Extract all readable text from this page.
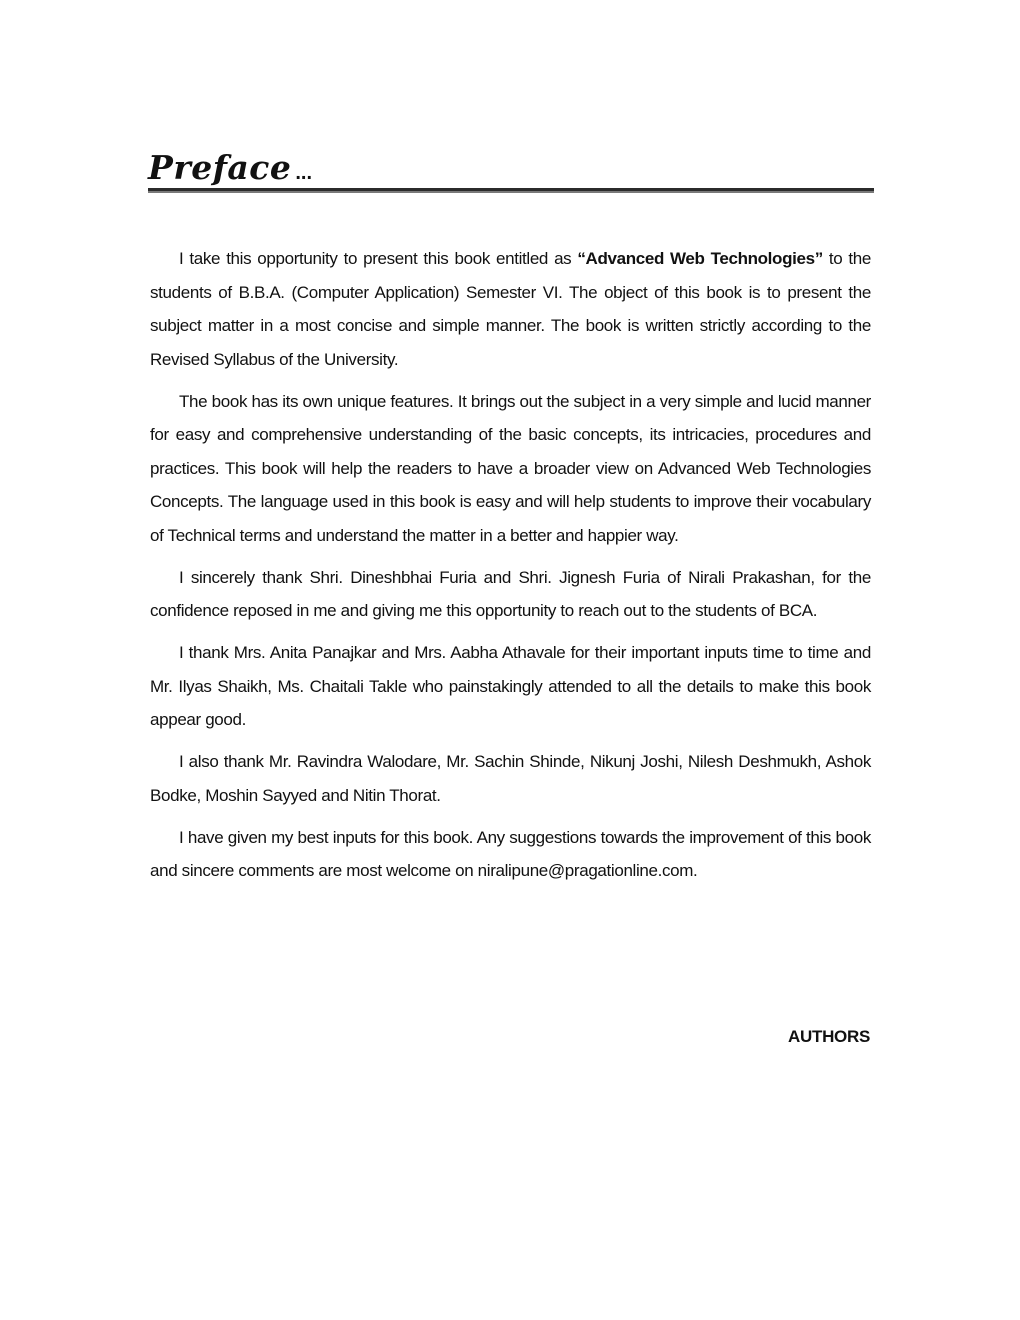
Preface ...

I take this opportunity to present this book entitled as “Advanced Web Technologies” to the students of B.B.A. (Computer Application) Semester VI. The object of this book is to present the subject matter in a most concise and simple manner. The book is written strictly according to the Revised Syllabus of the University.

The book has its own unique features. It brings out the subject in a very simple and lucid manner for easy and comprehensive understanding of the basic concepts, its intricacies, procedures and practices. This book will help the readers to have a broader view on Advanced Web Technologies Concepts. The language used in this book is easy and will help students to improve their vocabulary of Technical terms and understand the matter in a better and happier way.

I sincerely thank Shri. Dineshbhai Furia and Shri. Jignesh Furia of Nirali Prakashan, for the confidence reposed in me and giving me this opportunity to reach out to the students of BCA.

I thank Mrs. Anita Panajkar and Mrs. Aabha Athavale for their important inputs time to time and Mr. Ilyas Shaikh, Ms. Chaitali Takle who painstakingly attended to all the details to make this book appear good.

I also thank Mr. Ravindra Walodare, Mr. Sachin Shinde, Nikunj Joshi, Nilesh Deshmukh, Ashok Bodke, Moshin Sayyed and Nitin Thorat.

I have given my best inputs for this book. Any suggestions towards the improvement of this book and sincere comments are most welcome on niralipune@pragationline.com.

AUTHORS
